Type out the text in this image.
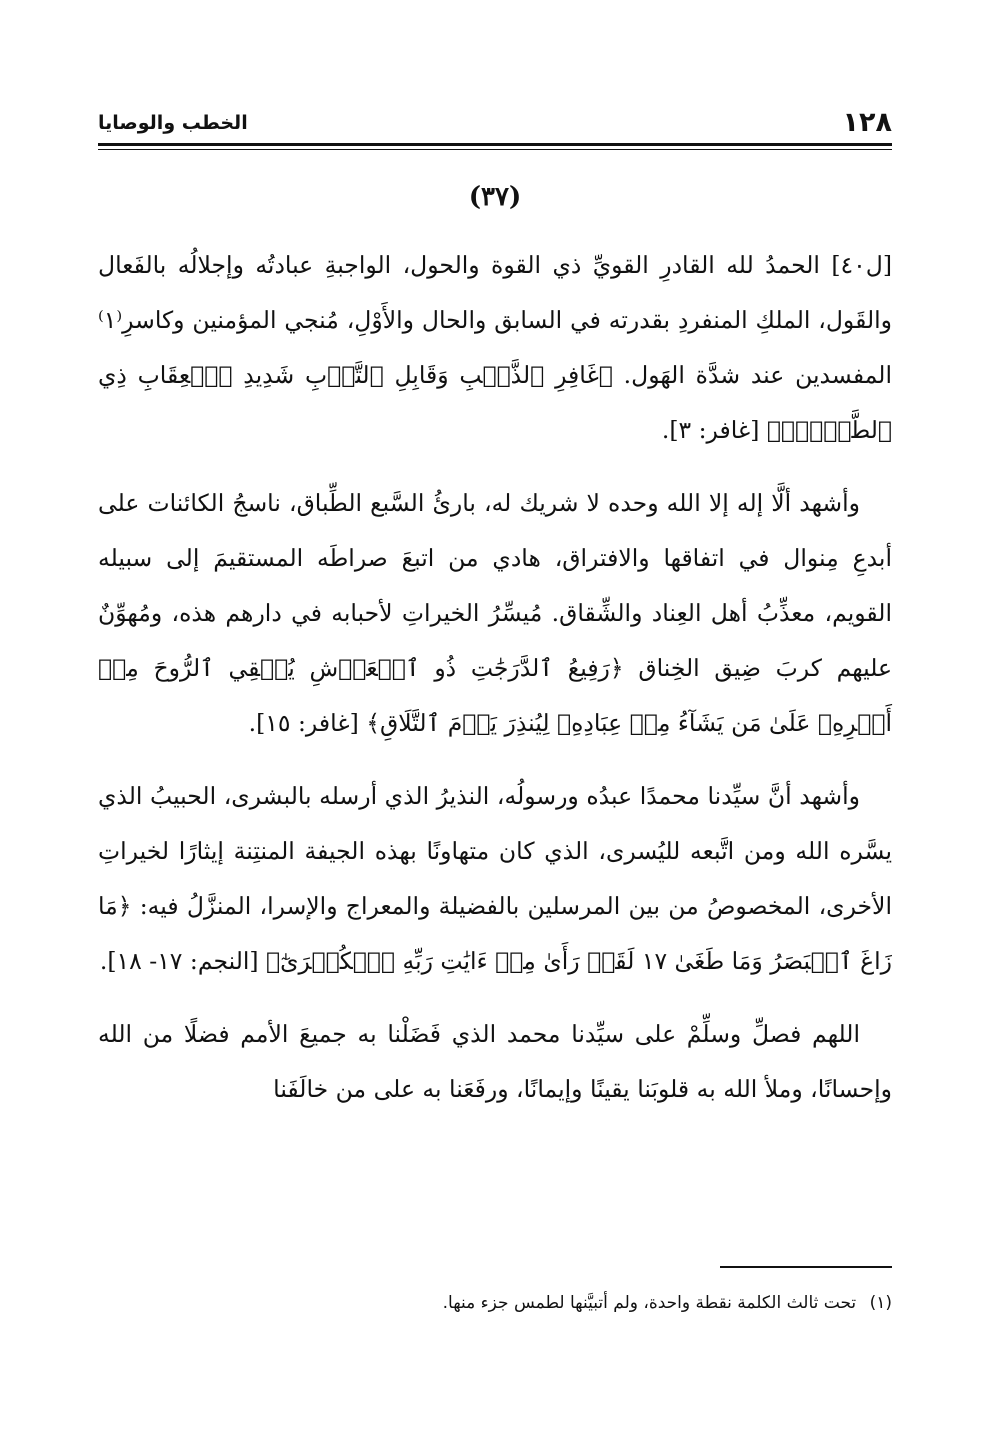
١٢٨
الخطب والوصايا
(٣٧)

[ل٤٠] الحمدُ لله القادرِ القويِّ ذي القوة والحول، الواجبةِ عبادتُه وإجلالُه بالفَعال والقَول، الملكِ المنفردِ بقدرته في السابق والحال والأَوْلِ، مُنجي المؤمنين وكاسرِ⁽١⁾ المفسدين عند شدَّة الهَول. ﴿غَافِرِ ٱلذَّنۢبِ وَقَابِلِ ٱلتَّوۡبِ شَدِيدِ ٱلۡعِقَابِ ذِي ٱلطَّوۡلِۖ﴾ [غافر: ٣].

وأشهد ألَّا إله إلا الله وحده لا شريك له، بارئُ السَّبع الطِّباق، ناسجُ الكائنات على أبدعِ مِنوال في اتفاقها والافتراق، هادي من اتبعَ صراطَه المستقيمَ إلى سبيله القويم، معذِّبُ أهل العِناد والشِّقاق. مُيسِّرُ الخيراتِ لأحبابه في دارهم هذه، ومُهوِّنٌ عليهم كربَ ضِيق الخِناق ﴿رَفِيعُ ٱلدَّرَجَٰتِ ذُو ٱلۡعَرۡشِ يُلۡقِي ٱلرُّوحَ مِنۡ أَمۡرِهِۦ عَلَىٰ مَن يَشَآءُ مِنۡ عِبَادِهِۦ لِيُنذِرَ يَوۡمَ ٱلتَّلَاقِ﴾ [غافر: ١٥].

وأشهد أنَّ سيِّدنا محمدًا عبدُه ورسولُه، النذيرُ الذي أرسله بالبشرى، الحبيبُ الذي يسَّره الله ومن اتَّبعه لليُسرى، الذي كان متهاونًا بهذه الجيفة المنتِنة إيثارًا لخيراتِ الأخرى، المخصوصُ من بين المرسلين بالفضيلة والمعراج والإسرا، المنزَّلُ فيه: ﴿مَا زَاغَ ٱلۡبَصَرُ وَمَا طَغَىٰ ١٧ لَقَدۡ رَأَىٰ مِنۡ ءَايَٰتِ رَبِّهِ ٱلۡكُبۡرَىٰٓ﴾ [النجم: ١٧- ١٨].

اللهم فصلِّ وسلِّمْ على سيِّدنا محمد الذي فَضَلْنا به جميعَ الأمم فضلًا من الله وإحسانًا، وملأ الله به قلوبَنا يقينًا وإيمانًا، ورفَعَنا به على من خالَفَنا

(١) تحت ثالث الكلمة نقطة واحدة، ولم أتبيَّنها لطمس جزء منها.
